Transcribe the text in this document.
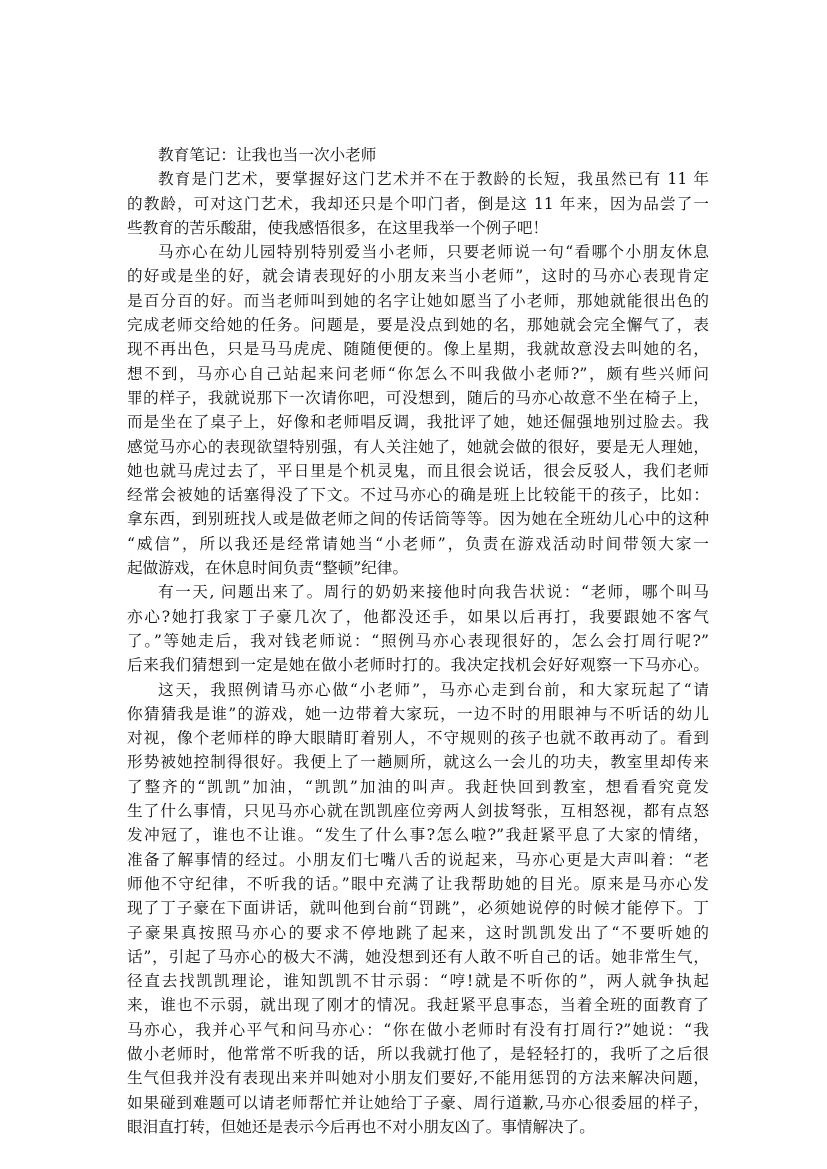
教育笔记：让我也当一次小老师
教育是门艺术，要掌握好这门艺术并不在于教龄的长短，我虽然已有 11 年
的教龄，可对这门艺术，我却还只是个叩门者，倒是这 11 年来，因为品尝了一
些教育的苦乐酸甜，使我感悟很多，在这里我举一个例子吧！
马亦心在幼儿园特别特别爱当小老师，只要老师说一句“看哪个小朋友休息
的好或是坐的好，就会请表现好的小朋友来当小老师”，这时的马亦心表现肯定
是百分百的好。而当老师叫到她的名字让她如愿当了小老师，那她就能很出色的
完成老师交给她的任务。问题是，要是没点到她的名，那她就会完全懈气了，表
现不再出色，只是马马虎虎、随随便便的。像上星期，我就故意没去叫她的名，
想不到，马亦心自己站起来问老师“你怎么不叫我做小老师?”，颇有些兴师问
罪的样子，我就说那下一次请你吧，可没想到，随后的马亦心故意不坐在椅子上，
而是坐在了桌子上，好像和老师唱反调，我批评了她，她还倔强地别过脸去。我
感觉马亦心的表现欲望特别强，有人关注她了，她就会做的很好，要是无人理她，
她也就马虎过去了，平日里是个机灵鬼，而且很会说话，很会反驳人，我们老师
经常会被她的话塞得没了下文。不过马亦心的确是班上比较能干的孩子，比如：
拿东西，到别班找人或是做老师之间的传话筒等等。因为她在全班幼儿心中的这种
“威信”，所以我还是经常请她当“小老师”，负责在游戏活动时间带领大家一
起做游戏，在休息时间负责“整顿”纪律。
有一天, 问题出来了。周行的奶奶来接他时向我告状说：“老师，哪个叫马
亦心?她打我家丁子豪几次了，他都没还手，如果以后再打，我要跟她不客气
了。”等她走后，我对钱老师说：“照例马亦心表现很好的，怎么会打周行呢?”
后来我们猜想到一定是她在做小老师时打的。我决定找机会好好观察一下马亦心。
这天，我照例请马亦心做“小老师”，马亦心走到台前，和大家玩起了“请
你猜猜我是谁”的游戏，她一边带着大家玩，一边不时的用眼神与不听话的幼儿
对视，像个老师样的睁大眼睛盯着别人，不守规则的孩子也就不敢再动了。看到
形势被她控制得很好。我便上了一趟厕所，就这么一会儿的功夫，教室里却传来
了整齐的“凯凯”加油，“凯凯”加油的叫声。我赶快回到教室，想看看究竟发
生了什么事情，只见马亦心就在凯凯座位旁两人剑拔弩张，互相怒视，都有点怒
发冲冠了，谁也不让谁。“发生了什么事?怎么啦?”我赶紧平息了大家的情绪，
准备了解事情的经过。小朋友们七嘴八舌的说起来，马亦心更是大声叫着：“老
师他不守纪律，不听我的话。”眼中充满了让我帮助她的目光。原来是马亦心发
现了丁子豪在下面讲话，就叫他到台前“罚跳”，必须她说停的时候才能停下。丁
子豪果真按照马亦心的要求不停地跳了起来，这时凯凯发出了“不要听她的
话”，引起了马亦心的极大不满，她没想到还有人敢不听自己的话。她非常生气，
径直去找凯凯理论，谁知凯凯不甘示弱：“哼!就是不听你的”，两人就争执起
来，谁也不示弱，就出现了刚才的情况。我赶紧平息事态，当着全班的面教育了
马亦心，我并心平气和问马亦心：“你在做小老师时有没有打周行?”她说：“我
做小老师时，他常常不听我的话，所以我就打他了，是轻轻打的，我听了之后很
生气但我并没有表现出来并叫她对小朋友们要好,不能用惩罚的方法来解决问题，
如果碰到难题可以请老师帮忙并让她给丁子豪、周行道歉,马亦心很委屈的样子，
眼泪直打转，但她还是表示今后再也不对小朋友凶了。事情解决了。
